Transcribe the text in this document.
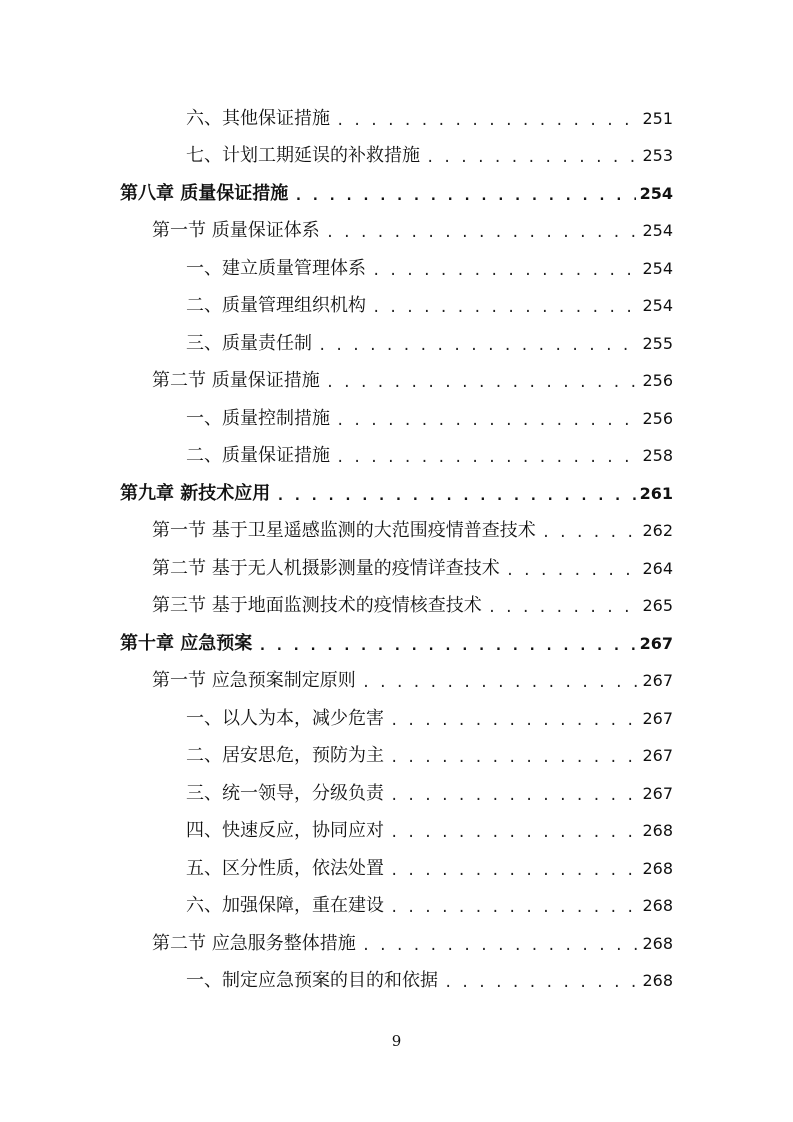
六、其他保证措施 . . .	251
七、计划工期延误的补救措施 . . .	253
第八章 质量保证措施 . . .	254
第一节 质量保证体系 . . .	254
一、建立质量管理体系 . . .	254
二、质量管理组织机构 . . .	254
三、质量责任制 . . .	255
第二节 质量保证措施 . . .	256
一、质量控制措施 . . .	256
二、质量保证措施 . . .	258
第九章 新技术应用 . . .	261
第一节 基于卫星遥感监测的大范围疫情普查技术 . . .	262
第二节 基于无人机摄影测量的疫情详查技术 . . .	264
第三节 基于地面监测技术的疫情核查技术 . . .	265
第十章 应急预案 . . .	267
第一节 应急预案制定原则 . . .	267
一、以人为本，减少危害 . . .	267
二、居安思危，预防为主 . . .	267
三、统一领导，分级负责 . . .	267
四、快速反应，协同应对 . . .	268
五、区分性质，依法处置 . . .	268
六、加强保障，重在建设 . . .	268
第二节 应急服务整体措施 . . .	268
一、制定应急预案的目的和依据 . . .	268
9
